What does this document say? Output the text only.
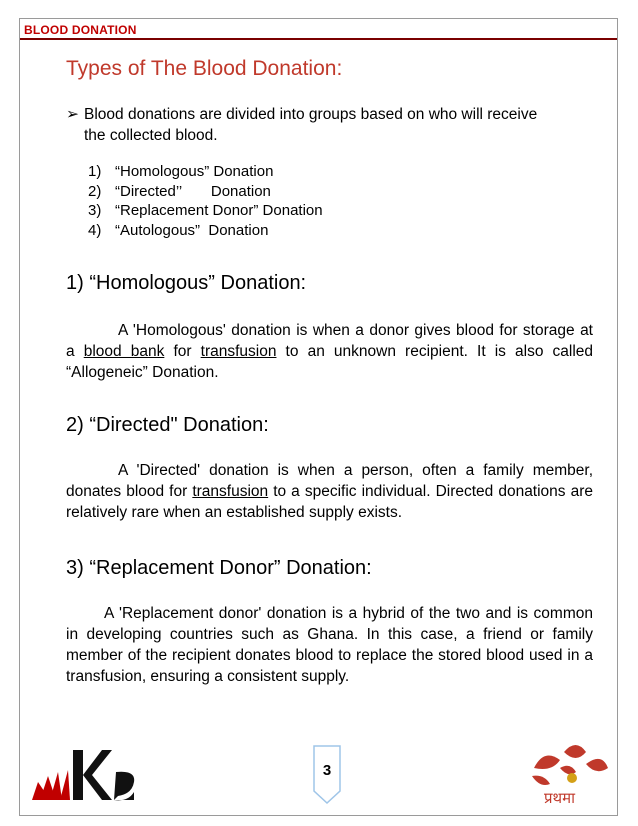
BLOOD DONATION
Types of The Blood Donation:
➢ Blood donations are divided into groups based on who will receive
the collected blood.
1) “Homologous” Donation
2) “Directed’’       Donation
3) “Replacement Donor” Donation
4) “Autologous”  Donation
1) “Homologous” Donation:
A 'Homologous' donation is when a donor gives blood for storage at a blood bank for transfusion to an unknown recipient. It is also called “Allogeneic” Donation.
2) “Directed" Donation:
A 'Directed' donation is when a person, often a family member, donates blood for transfusion to a specific individual. Directed donations are relatively rare when an established supply exists.
3) “Replacement Donor” Donation:
A 'Replacement donor' donation is a hybrid of the two and is common in developing countries such as Ghana. In this case, a friend or family member of the recipient donates blood to replace the stored blood used in a transfusion, ensuring a consistent supply.
3
प्रथमा
